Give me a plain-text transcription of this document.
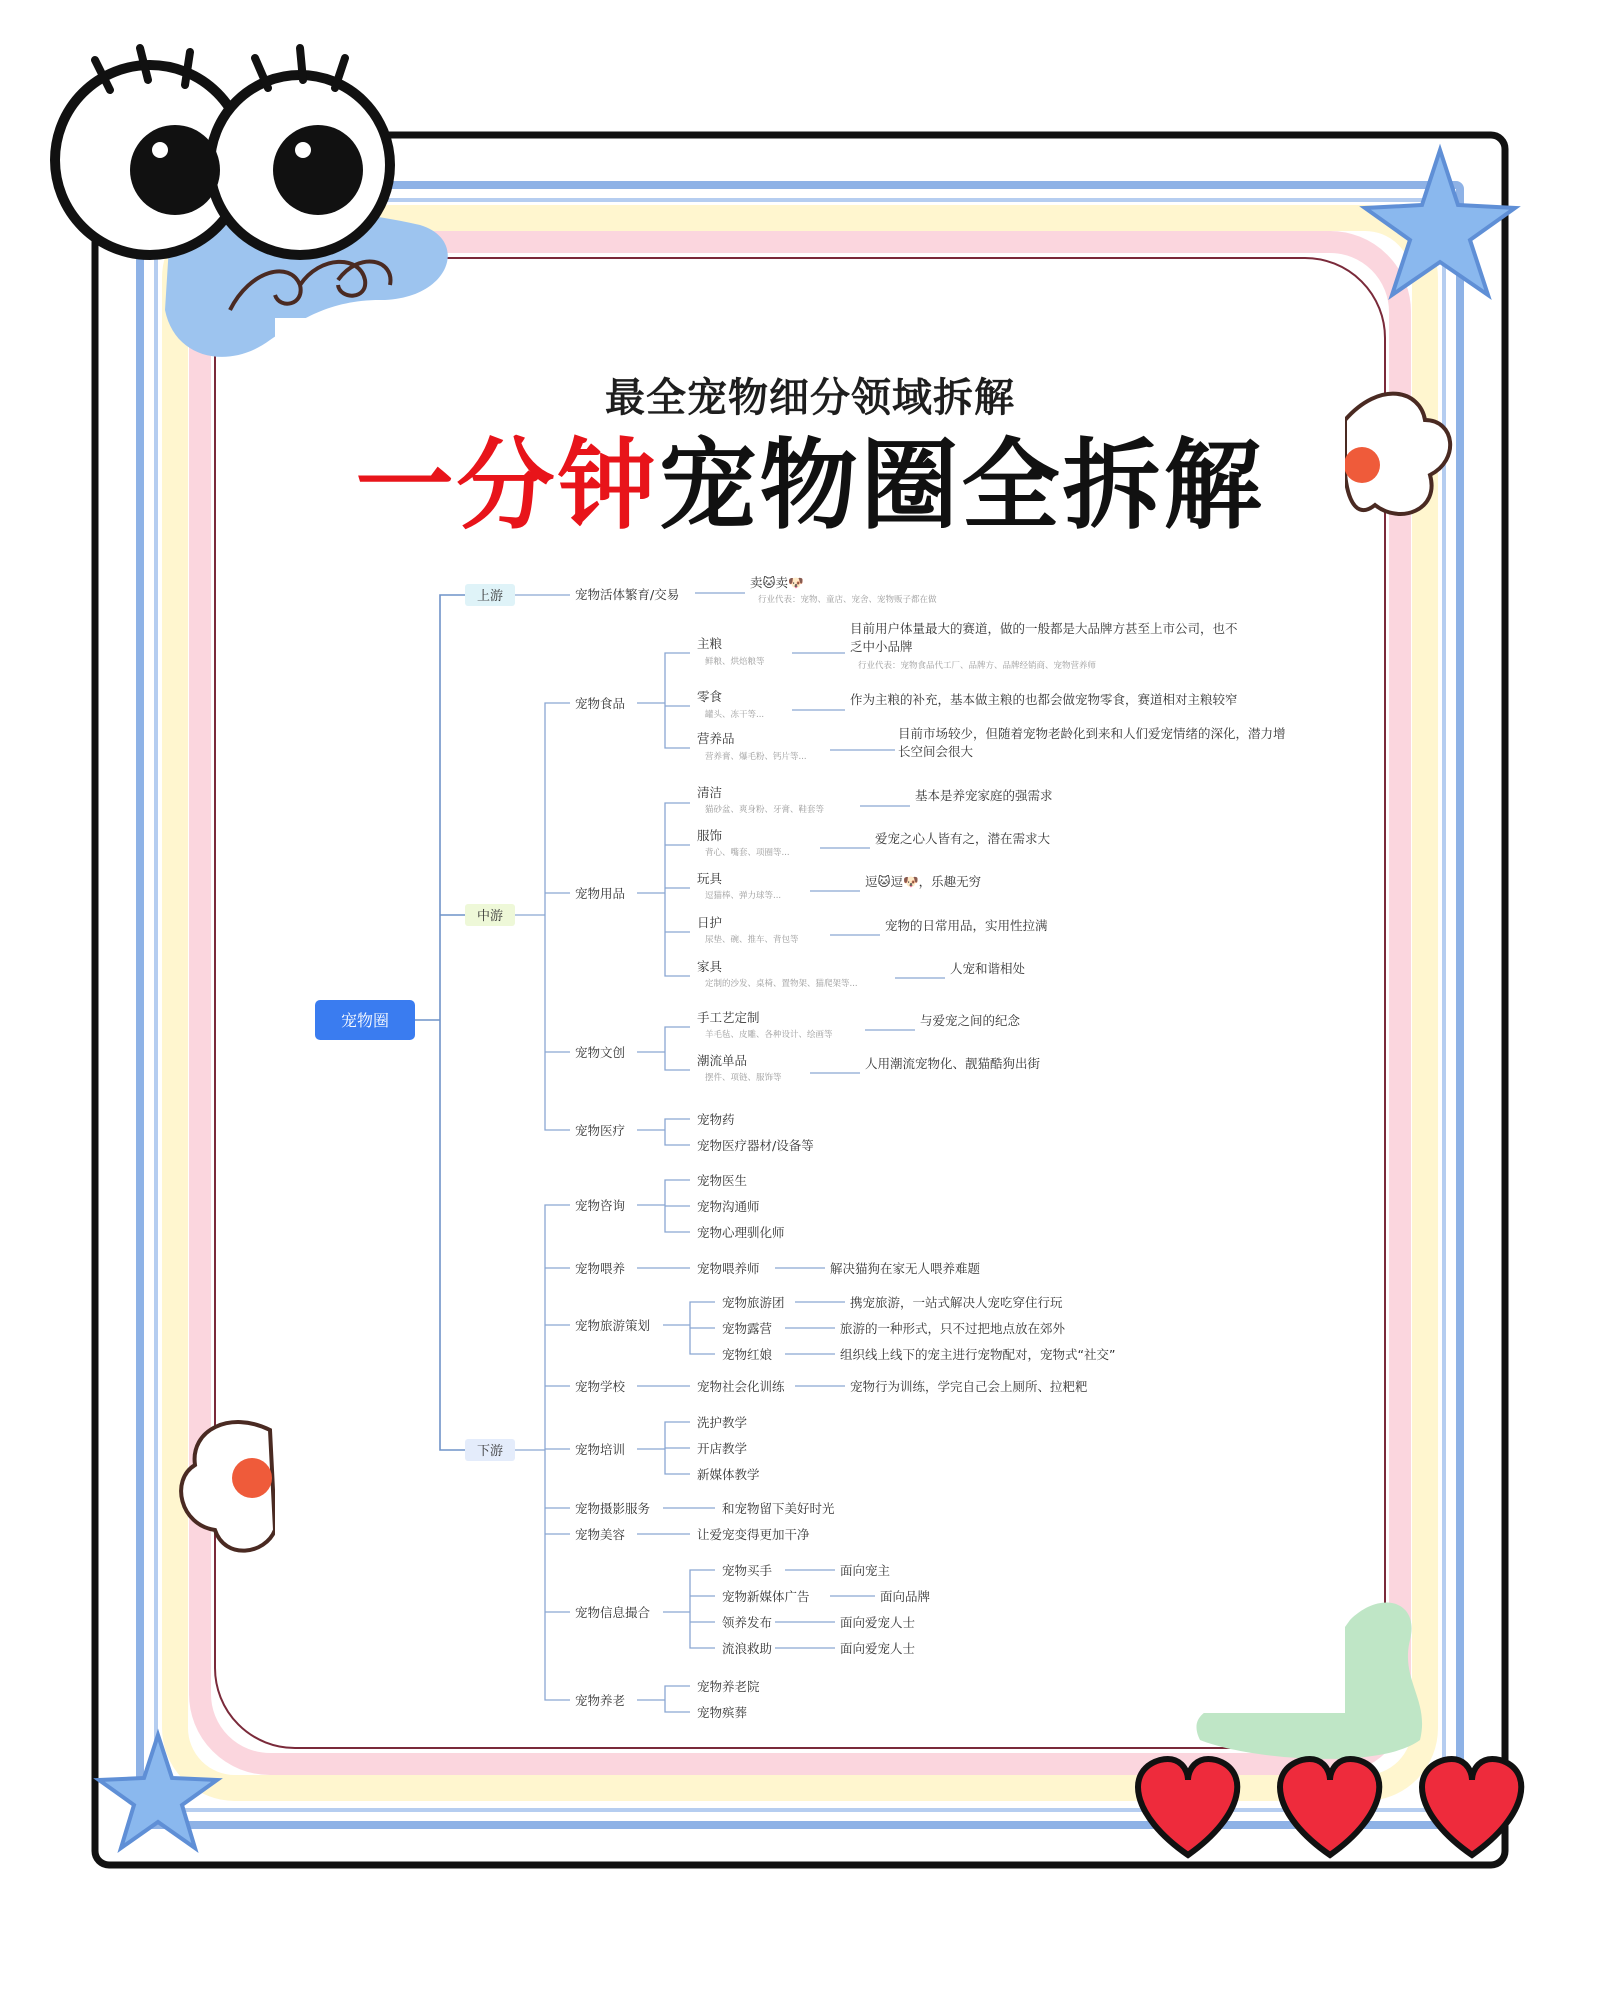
最全宠物细分领域拆解
一分钟宠物圈全拆解
宠物圈
上游
中游
下游
宠物活体繁育/交易
卖🐱卖🐶
行业代表：宠物、童店、宠舍、宠物贩子都在做
宠物食品
宠物用品
宠物文创
宠物医疗
主粮
鲜粮、烘焙粮等
目前用户体量最大的赛道，做的一般都是大品牌方甚至上市公司，也不
乏中小品牌
行业代表：宠物食品代工厂、品牌方、品牌经销商、宠物营养师
零食
罐头、冻干等...
作为主粮的补充，基本做主粮的也都会做宠物零食，赛道相对主粮较窄
营养品
营养膏、爆毛粉、钙片等...
目前市场较少，但随着宠物老龄化到来和人们爱宠情绪的深化，潜力增
长空间会很大
清洁
猫砂盆、爽身粉、牙膏、鞋套等
基本是养宠家庭的强需求
服饰
背心、嘴套、项圈等...
爱宠之心人皆有之，潜在需求大
玩具
逗猫棒、弹力球等...
逗🐱逗🐶，乐趣无穷
日护
尿垫、碗、推车、背包等
宠物的日常用品，实用性拉满
家具
定制的沙发、桌椅、置物架、猫爬架等...
人宠和谐相处
手工艺定制
羊毛毡、皮雕、各种设计、绘画等
与爱宠之间的纪念
潮流单品
摆件、项链、服饰等
人用潮流宠物化、靓猫酷狗出街
宠物药
宠物医疗器材/设备等
宠物咨询
宠物喂养
宠物旅游策划
宠物学校
宠物培训
宠物摄影服务
宠物美容
宠物信息撮合
宠物养老
宠物医生
宠物沟通师
宠物心理驯化师
宠物喂养师	解决猫狗在家无人喂养难题
宠物旅游团	携宠旅游，一站式解决人宠吃穿住行玩
宠物露营	旅游的一种形式，只不过把地点放在郊外
宠物红娘	组织线上线下的宠主进行宠物配对，宠物式“社交”
宠物社会化训练	宠物行为训练，学完自己会上厕所、拉粑粑
洗护教学
开店教学
新媒体教学
和宠物留下美好时光
让爱宠变得更加干净
宠物买手	面向宠主
宠物新媒体广告	面向品牌
领养发布	面向爱宠人士
流浪救助	面向爱宠人士
宠物养老院
宠物殡葬
